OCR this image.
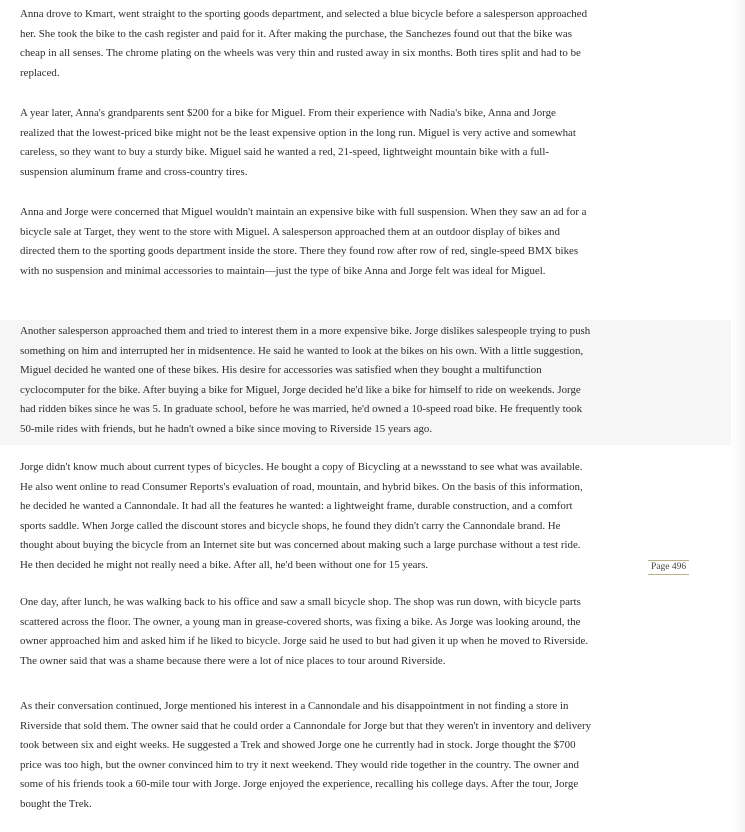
Anna drove to Kmart, went straight to the sporting goods department, and selected a blue bicycle before a salesperson approached

her. She took the bike to the cash register and paid for it. After making the purchase, the Sanchezes found out that the bike was

cheap in all senses. The chrome plating on the wheels was very thin and rusted away in six months. Both tires split and had to be

replaced.

A year later, Anna's grandparents sent $200 for a bike for Miguel. From their experience with Nadia's bike, Anna and Jorge

realized that the lowest-priced bike might not be the least expensive option in the long run. Miguel is very active and somewhat

careless, so they want to buy a sturdy bike. Miguel said he wanted a red, 21-speed, lightweight mountain bike with a full-

suspension aluminum frame and cross-country tires.

Anna and Jorge were concerned that Miguel wouldn't maintain an expensive bike with full suspension. When they saw an ad for a

bicycle sale at Target, they went to the store with Miguel. A salesperson approached them at an outdoor display of bikes and

directed them to the sporting goods department inside the store. There they found row after row of red, single-speed BMX bikes

with no suspension and minimal accessories to maintain—just the type of bike Anna and Jorge felt was ideal for Miguel.

Another salesperson approached them and tried to interest them in a more expensive bike. Jorge dislikes salespeople trying to push

something on him and interrupted her in midsentence. He said he wanted to look at the bikes on his own. With a little suggestion,

Miguel decided he wanted one of these bikes. His desire for accessories was satisfied when they bought a multifunction

cyclocomputer for the bike. After buying a bike for Miguel, Jorge decided he'd like a bike for himself to ride on weekends. Jorge

had ridden bikes since he was 5. In graduate school, before he was married, he'd owned a 10-speed road bike. He frequently took

50-mile rides with friends, but he hadn't owned a bike since moving to Riverside 15 years ago.

Jorge didn't know much about current types of bicycles. He bought a copy of Bicycling at a newsstand to see what was available.

He also went online to read Consumer Reports's evaluation of road, mountain, and hybrid bikes. On the basis of this information,

he decided he wanted a Cannondale. It had all the features he wanted: a lightweight frame, durable construction, and a comfort

sports saddle. When Jorge called the discount stores and bicycle shops, he found they didn't carry the Cannondale brand. He

thought about buying the bicycle from an Internet site but was concerned about making such a large purchase without a test ride.

He then decided he might not really need a bike. After all, he'd been without one for 15 years.	Page 496

One day, after lunch, he was walking back to his office and saw a small bicycle shop. The shop was run down, with bicycle parts

scattered across the floor. The owner, a young man in grease-covered shorts, was fixing a bike. As Jorge was looking around, the

owner approached him and asked him if he liked to bicycle. Jorge said he used to but had given it up when he moved to Riverside.

The owner said that was a shame because there were a lot of nice places to tour around Riverside.

As their conversation continued, Jorge mentioned his interest in a Cannondale and his disappointment in not finding a store in

Riverside that sold them. The owner said that he could order a Cannondale for Jorge but that they weren't in inventory and delivery

took between six and eight weeks. He suggested a Trek and showed Jorge one he currently had in stock. Jorge thought the $700

price was too high, but the owner convinced him to try it next weekend. They would ride together in the country. The owner and

some of his friends took a 60-mile tour with Jorge. Jorge enjoyed the experience, recalling his college days. After the tour, Jorge

bought the Trek.
